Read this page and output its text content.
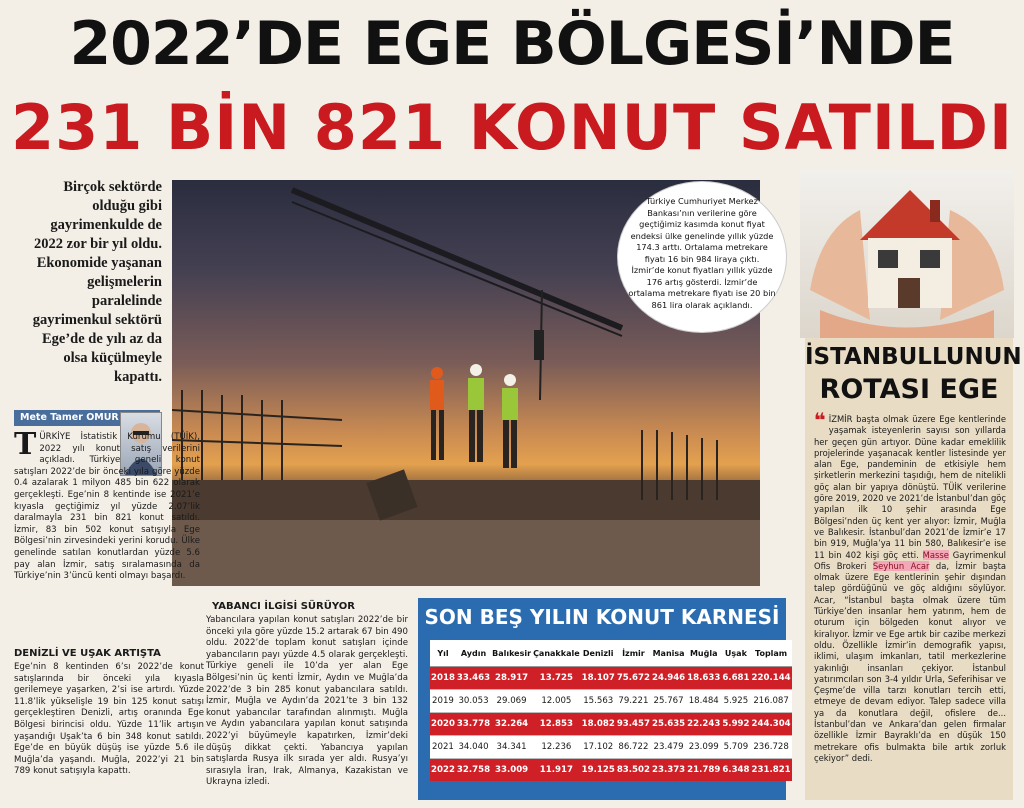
2022’DE EGE BÖLGESİ’NDE
231 BİN 821 KONUT SATILDI
Birçok sektörde olduğu gibi gayrimenkulde de 2022 zor bir yıl oldu. Ekonomide yaşanan gelişmelerin paralelinde gayrimenkul sektörü Ege’de de yılı az da olsa küçülmeyle kapattı.
Türkiye Cumhuriyet Merkez Bankası’nın verilerine göre geçtiğimiz kasımda konut fiyat endeksi ülke genelinde yıllık yüzde 174.3 arttı. Ortalama metrekare fiyatı 16 bin 984 liraya çıktı. İzmir’de konut fiyatları yıllık yüzde 176 artış gösterdi. İzmir’de ortalama metrekare fiyatı ise 20 bin 861 lira olarak açıklandı.
Mete Tamer OMUR
TÜRKİYE İstatistik Kurumu (TÜİK), 2022 yılı konut satış verilerini açıkladı. Türkiye geneli konut satışları 2022’de bir önceki yıla göre yüzde 0.4 azalarak 1 milyon 485 bin 622 olarak gerçekleşti. Ege’nin 8 kentinde ise 2021’e kıyasla geçtiğimiz yıl yüzde 2.07’lik daralmayla 231 bin 821 konut satıldı. İzmir, 83 bin 502 konut satışıyla Ege Bölgesi’nin zirvesindeki yerini korudu. Ülke genelinde satılan konutlardan yüzde 5.6 pay alan İzmir, satış sıralamasında da Türkiye’nin 3’üncü kenti olmayı başardı.
DENİZLİ VE UŞAK ARTIŞTA
Ege’nin 8 kentinden 6’sı 2022’de konut satışlarında bir önceki yıla kıyasla gerilemeye yaşarken, 2’si ise artırdı. Yüzde 11.8’lik yükselişle 19 bin 125 konut satışı gerçekleştiren Denizli, artış oranında Ege Bölgesi birincisi oldu. Yüzde 11’lik artışın yaşandığı Uşak’ta 6 bin 348 konut satıldı. Ege’de en büyük düşüş ise yüzde 5.6 ile Muğla’da yaşandı. Muğla, 2022’yi 21 bin 789 konut satışıyla kapattı.
YABANCI İLGİSİ SÜRÜYOR
Yabancılara yapılan konut satışları 2022’de bir önceki yıla göre yüzde 15.2 artarak 67 bin 490 oldu. 2022’de toplam konut satışları içinde yabancıların payı yüzde 4.5 olarak gerçekleşti. Türkiye geneli ile 10’da yer alan Ege Bölgesi’nin üç kenti İzmir, Aydın ve Muğla’da 2022’de 3 bin 285 konut yabancılara satıldı. İzmir, Muğla ve Aydın’da 2021’te 3 bin 132 konut yabancılar tarafından alınmıştı. Muğla ve Aydın yabancılara yapılan konut satışında 2022’yi büyümeyle kapatırken, İzmir’deki düşüş dikkat çekti. Yabancıya yapılan satışlarda Rusya ilk sırada yer aldı. Rusya’yı sırasıyla İran, Irak, Almanya, Kazakistan ve Ukrayna izledi.
İSTANBULLUNUN
ROTASI EGE
❝ İZMİR başta olmak üzere Ege kentlerinde yaşamak isteyenlerin sayısı son yıllarda her geçen gün artıyor. Düne kadar emeklilik projelerinde yaşanacak kentler listesinde yer alan Ege, pandeminin de etkisiyle hem şirketlerin merkezini taşıdığı, hem de nitelikli göç alan bir yapıya dönüştü. TÜİK verilerine göre 2019, 2020 ve 2021’de İstanbul’dan göç yapılan ilk 10 şehir arasında Ege Bölgesi’nden üç kent yer alıyor: İzmir, Muğla ve Balıkesir. İstanbul’dan 2021’de İzmir’e 17 bin 919, Muğla’ya 11 bin 580, Balıkesir’e ise 11 bin 402 kişi göç etti. Masse Gayrimenkul Ofis Brokeri Seyhun Acar da, İzmir başta olmak üzere Ege kentlerinin şehir dışından talep gördüğünü ve göç aldığını söylüyor. Acar, “İstanbul başta olmak üzere tüm Türkiye’den insanlar hem yatırım, hem de oturum için bölgeden konut alıyor ve kiralıyor. İzmir ve Ege artık bir cazibe merkezi oldu. Özellikle İzmir’in demografik yapısı, iklimi, ulaşım imkanları, tatil merkezlerine yakınlığı insanları çekiyor. İstanbul yatırımcıları son 3-4 yıldır Urla, Seferihisar ve Çeşme’de villa tarzı konutları tercih etti, etmeye de devam ediyor. Talep sadece villa ya da konutlara değil, ofislere de... İstanbul’dan ve Ankara’dan gelen firmalar özellikle İzmir Bayraklı’da en düşük 150 metrekare ofis bulmakta bile artık zorluk çekiyor” dedi.
SON BEŞ YILIN KONUT KARNESİ
Yıl	Aydın	Balıkesir	Çanakkale	Denizli	İzmir	Manisa	Muğla	Uşak	Toplam
2018	33.463	28.917	13.725	18.107	75.672	24.946	18.633	6.681	220.144
2019	30.053	29.069	12.005	15.563	79.221	25.767	18.484	5.925	216.087
2020	33.778	32.264	12.853	18.082	93.457	25.635	22.243	5.992	244.304
2021	34.040	34.341	12.236	17.102	86.722	23.479	23.099	5.709	236.728
2022	32.758	33.009	11.917	19.125	83.502	23.373	21.789	6.348	231.821
